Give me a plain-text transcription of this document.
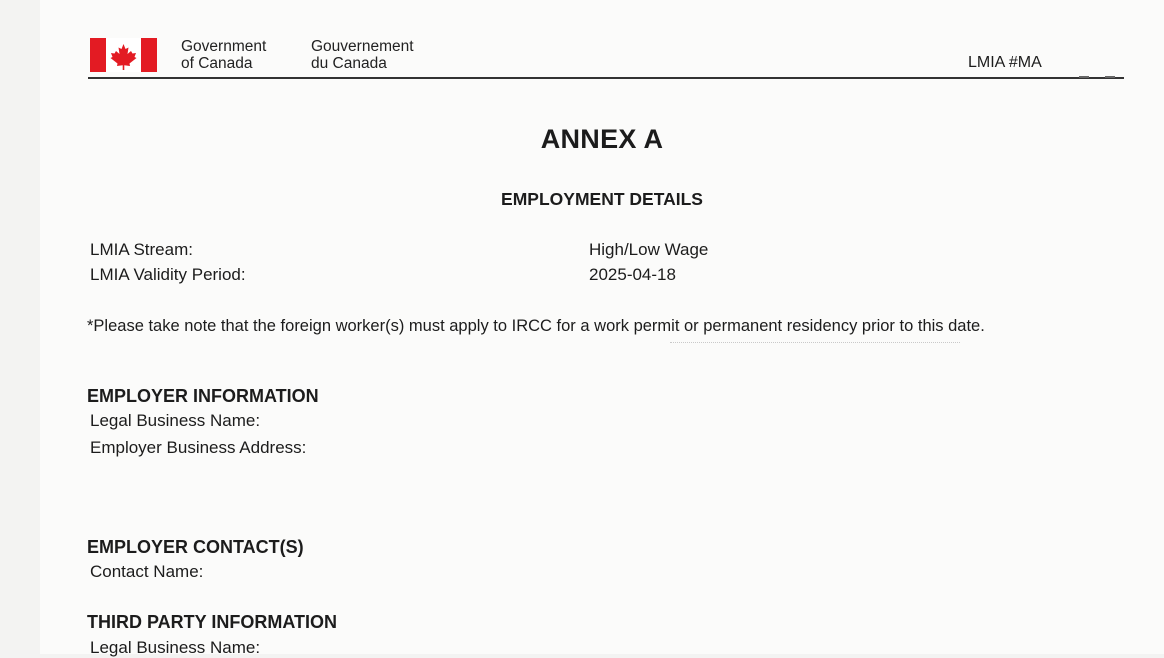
Government
of Canada
Gouvernement
du Canada	LMIA #MA
ANNEX A
EMPLOYMENT DETAILS
LMIA Stream:	High/Low Wage
LMIA Validity Period:	2025-04-18
*Please take note that the foreign worker(s) must apply to IRCC for a work permit or permanent residency prior to this date.
EMPLOYER INFORMATION
Legal Business Name:
Employer Business Address:
EMPLOYER CONTACT(S)
Contact Name:
THIRD PARTY INFORMATION
Legal Business Name:
